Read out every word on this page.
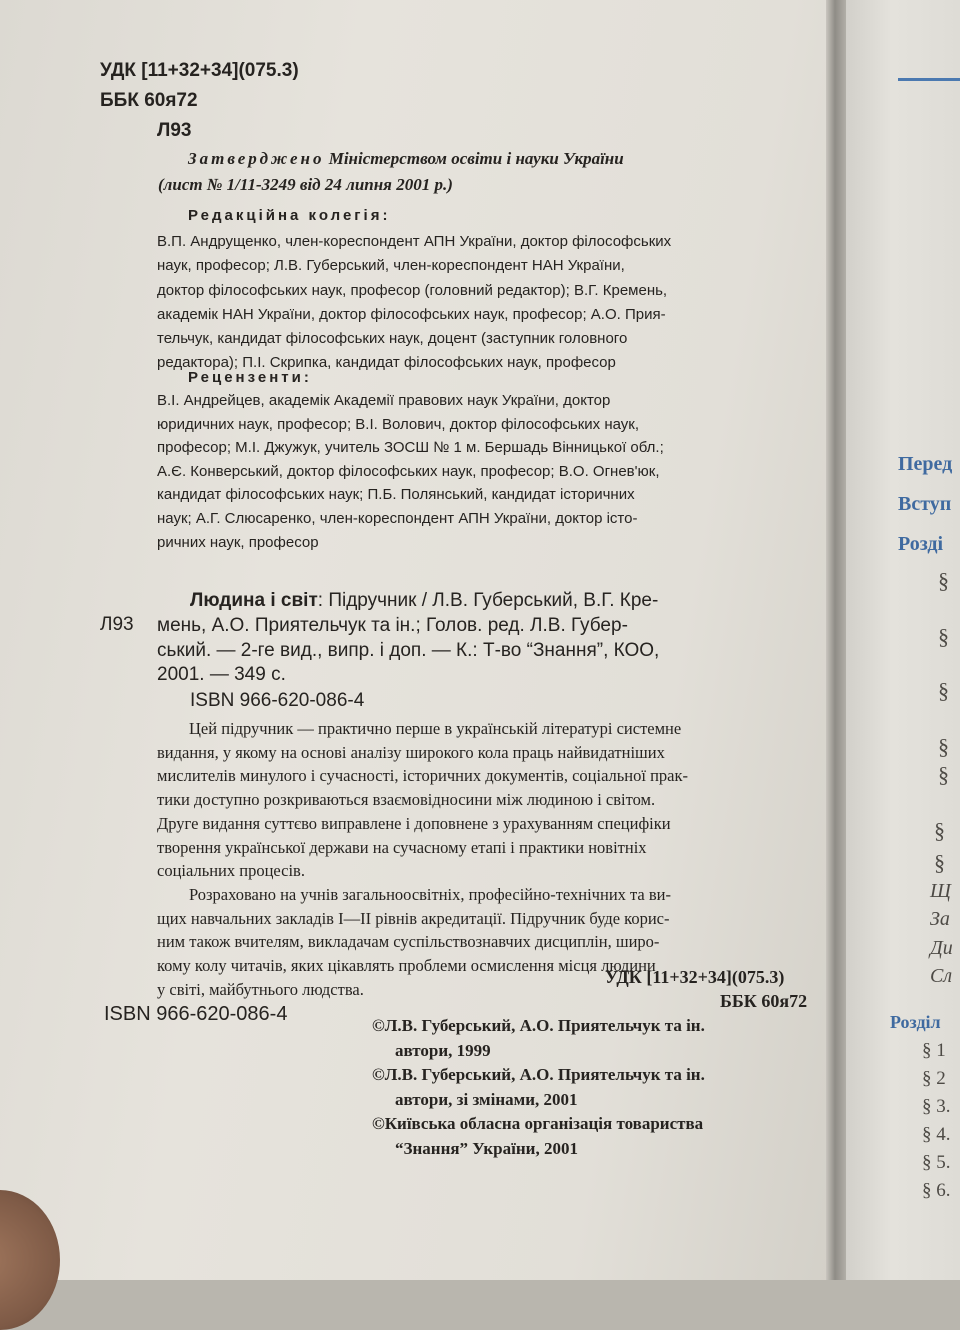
УДК [11+32+34](075.3)
ББК 60я72
Л93
Затверджено Міністерством освіти і науки України
(лист № 1/11-3249 від 24 липня 2001 р.)
Редакційна колегія:
В.П. Андрущенко, член-кореспондент АПН України, доктор філософських
наук, професор; Л.В. Губерський, член-кореспондент НАН України,
доктор філософських наук, професор (головний редактор); В.Г. Кремень,
академік НАН України, доктор філософських наук, професор; А.О. Прия-
тельчук, кандидат філософських наук, доцент (заступник головного
редактора); П.І. Скрипка, кандидат філософських наук, професор
Рецензенти:
В.І. Андрейцев, академік Академії правових наук України, доктор
юридичних наук, професор; В.І. Волович, доктор філософських наук,
професор; М.І. Джужук, учитель ЗОСШ № 1 м. Бершадь Вінницької обл.;
А.Є. Конверський, доктор філософських наук, професор; В.О. Огнев'юк,
кандидат філософських наук; П.Б. Полянський, кандидат історичних
наук; А.Г. Слюсаренко, член-кореспондент АПН України, доктор істо-
ричних наук, професор
Л93
Людина і світ: Підручник / Л.В. Губерський, В.Г. Кре-
мень, А.О. Приятельчук та ін.; Голов. ред. Л.В. Губер-
ський. — 2-ге вид., випр. і доп. — К.: Т-во “Знання”, КОО,
2001. — 349 с.
ISBN 966-620-086-4
Цей підручник — практично перше в українській літературі системне
видання, у якому на основі аналізу широкого кола праць найвидатніших
мислителів минулого і сучасності, історичних документів, соціальної прак-
тики доступно розкриваються взаємовідносини між людиною і світом.
Друге видання суттєво виправлене і доповнене з урахуванням специфіки
творення української держави на сучасному етапі і практики новітніх
соціальних процесів.
Розраховано на учнів загальноосвітніх, професійно-технічних та ви-
щих навчальних закладів І—ІІ рівнів акредитації. Підручник буде корис-
ним також вчителям, викладачам суспільствознавчих дисциплін, широ-
кому колу читачів, яких цікавлять проблеми осмислення місця людини
у світі, майбутнього людства.
УДК [11+32+34](075.3)
ББК 60я72
ISBN 966-620-086-4
©Л.В. Губерський, А.О. Приятельчук та ін.
автори, 1999
©Л.В. Губерський, А.О. Приятельчук та ін.
автори, зі змінами, 2001
©Київська обласна організація товариства
“Знання” України, 2001
Перед
Вступ
Розді
§
§
§
§
§
§
§
Щ
За
Ди
Сл
Розділ
§ 1
§ 2
§ 3.
§ 4.
§ 5.
§ 6.
